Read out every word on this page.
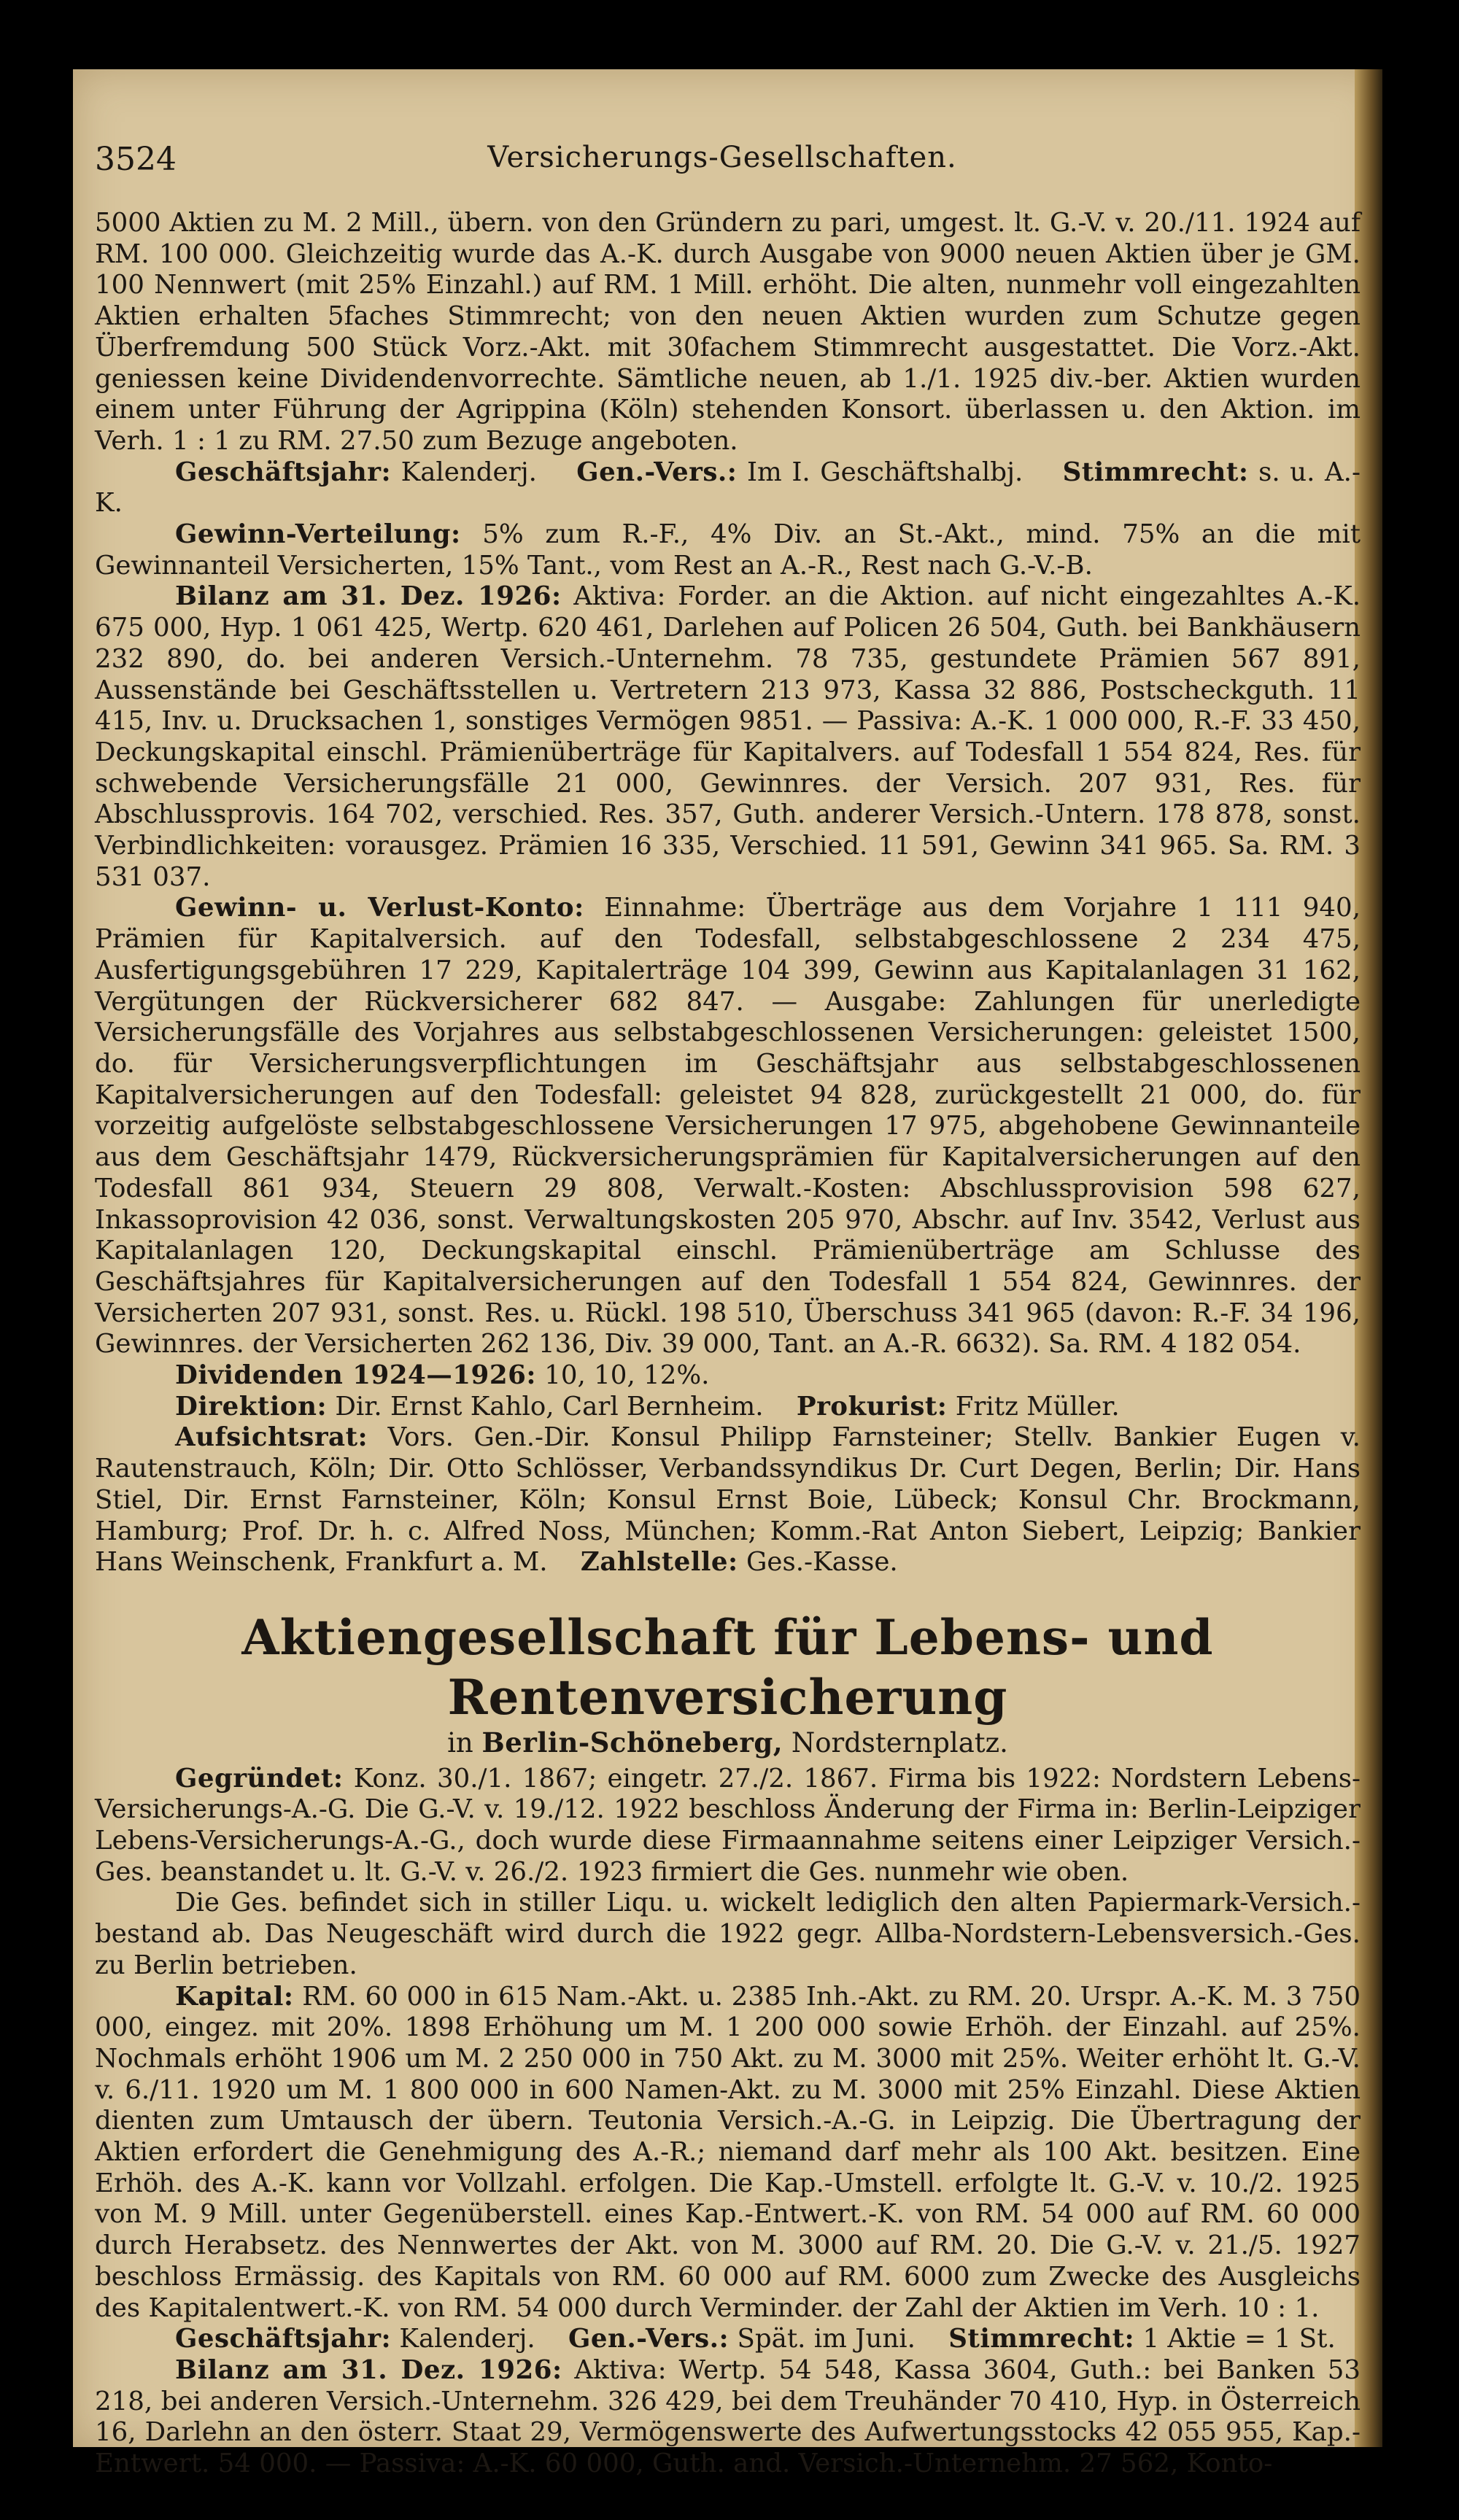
3524	Versicherungs-Gesellschaften.

5000 Aktien zu M. 2 Mill., übern. von den Gründern zu pari, umgest. lt. G.-V. v. 20./11. 1924 auf RM. 100 000. Gleichzeitig wurde das A.-K. durch Ausgabe von 9000 neuen Aktien über je GM. 100 Nennwert (mit 25% Einzahl.) auf RM. 1 Mill. erhöht. Die alten, nunmehr voll eingezahlten Aktien erhalten 5faches Stimmrecht; von den neuen Aktien wurden zum Schutze gegen Überfremdung 500 Stück Vorz.-Akt. mit 30fachem Stimmrecht ausgestattet. Die Vorz.-Akt. geniessen keine Dividendenvorrechte. Sämtliche neuen, ab 1./1. 1925 div.-ber. Aktien wurden einem unter Führung der Agrippina (Köln) stehenden Konsort. überlassen u. den Aktion. im Verh. 1 : 1 zu RM. 27.50 zum Bezuge angeboten.

Geschäftsjahr: Kalenderj. Gen.-Vers.: Im I. Geschäftshalbj. Stimmrecht: s. u. A.-K.

Gewinn-Verteilung: 5% zum R.-F., 4% Div. an St.-Akt., mind. 75% an die mit Gewinnanteil Versicherten, 15% Tant., vom Rest an A.-R., Rest nach G.-V.-B.

Bilanz am 31. Dez. 1926: Aktiva: Forder. an die Aktion. auf nicht eingezahltes A.-K. 675 000, Hyp. 1 061 425, Wertp. 620 461, Darlehen auf Policen 26 504, Guth. bei Bankhäusern 232 890, do. bei anderen Versich.-Unternehm. 78 735, gestundete Prämien 567 891, Aussenstände bei Geschäftsstellen u. Vertretern 213 973, Kassa 32 886, Postscheckguth. 11 415, Inv. u. Drucksachen 1, sonstiges Vermögen 9851. — Passiva: A.-K. 1 000 000, R.-F. 33 450, Deckungskapital einschl. Prämienüberträge für Kapitalvers. auf Todesfall 1 554 824, Res. für schwebende Versicherungsfälle 21 000, Gewinnres. der Versich. 207 931, Res. für Abschlussprovis. 164 702, verschied. Res. 357, Guth. anderer Versich.-Untern. 178 878, sonst. Verbindlichkeiten: vorausgez. Prämien 16 335, Verschied. 11 591, Gewinn 341 965. Sa. RM. 3 531 037.

Gewinn- u. Verlust-Konto: Einnahme: Überträge aus dem Vorjahre 1 111 940, Prämien für Kapitalversich. auf den Todesfall, selbstabgeschlossene 2 234 475, Ausfertigungsgebühren 17 229, Kapitalerträge 104 399, Gewinn aus Kapitalanlagen 31 162, Vergütungen der Rückversicherer 682 847. — Ausgabe: Zahlungen für unerledigte Versicherungsfälle des Vorjahres aus selbstabgeschlossenen Versicherungen: geleistet 1500, do. für Versicherungsverpflichtungen im Geschäftsjahr aus selbstabgeschlossenen Kapitalversicherungen auf den Todesfall: geleistet 94 828, zurückgestellt 21 000, do. für vorzeitig aufgelöste selbstabgeschlossene Versicherungen 17 975, abgehobene Gewinnanteile aus dem Geschäftsjahr 1479, Rückversicherungsprämien für Kapitalversicherungen auf den Todesfall 861 934, Steuern 29 808, Verwalt.-Kosten: Abschlussprovision 598 627, Inkassoprovision 42 036, sonst. Verwaltungskosten 205 970, Abschr. auf Inv. 3542, Verlust aus Kapitalanlagen 120, Deckungskapital einschl. Prämienüberträge am Schlusse des Geschäftsjahres für Kapitalversicherungen auf den Todesfall 1 554 824, Gewinnres. der Versicherten 207 931, sonst. Res. u. Rückl. 198 510, Überschuss 341 965 (davon: R.-F. 34 196, Gewinnres. der Versicherten 262 136, Div. 39 000, Tant. an A.-R. 6632). Sa. RM. 4 182 054.

Dividenden 1924—1926: 10, 10, 12%.

Direktion: Dir. Ernst Kahlo, Carl Bernheim. Prokurist: Fritz Müller.

Aufsichtsrat: Vors. Gen.-Dir. Konsul Philipp Farnsteiner; Stellv. Bankier Eugen v. Rautenstrauch, Köln; Dir. Otto Schlösser, Verbandssyndikus Dr. Curt Degen, Berlin; Dir. Hans Stiel, Dir. Ernst Farnsteiner, Köln; Konsul Ernst Boie, Lübeck; Konsul Chr. Brockmann, Hamburg; Prof. Dr. h. c. Alfred Noss, München; Komm.-Rat Anton Siebert, Leipzig; Bankier Hans Weinschenk, Frankfurt a. M. Zahlstelle: Ges.-Kasse.

Aktiengesellschaft für Lebens- und Rentenversicherung
in Berlin-Schöneberg, Nordsternplatz.

Gegründet: Konz. 30./1. 1867; eingetr. 27./2. 1867. Firma bis 1922: Nordstern Lebens-Versicherungs-A.-G. Die G.-V. v. 19./12. 1922 beschloss Änderung der Firma in: Berlin-Leipziger Lebens-Versicherungs-A.-G., doch wurde diese Firmaannahme seitens einer Leipziger Versich.-Ges. beanstandet u. lt. G.-V. v. 26./2. 1923 firmiert die Ges. nunmehr wie oben.

Die Ges. befindet sich in stiller Liqu. u. wickelt lediglich den alten Papiermark-Versich.-bestand ab. Das Neugeschäft wird durch die 1922 gegr. Allba-Nordstern-Lebensversich.-Ges. zu Berlin betrieben.

Kapital: RM. 60 000 in 615 Nam.-Akt. u. 2385 Inh.-Akt. zu RM. 20. Urspr. A.-K. M. 3 750 000, eingez. mit 20%. 1898 Erhöhung um M. 1 200 000 sowie Erhöh. der Einzahl. auf 25%. Nochmals erhöht 1906 um M. 2 250 000 in 750 Akt. zu M. 3000 mit 25%. Weiter erhöht lt. G.-V. v. 6./11. 1920 um M. 1 800 000 in 600 Namen-Akt. zu M. 3000 mit 25% Einzahl. Diese Aktien dienten zum Umtausch der übern. Teutonia Versich.-A.-G. in Leipzig. Die Übertragung der Aktien erfordert die Genehmigung des A.-R.; niemand darf mehr als 100 Akt. besitzen. Eine Erhöh. des A.-K. kann vor Vollzahl. erfolgen. Die Kap.-Umstell. erfolgte lt. G.-V. v. 10./2. 1925 von M. 9 Mill. unter Gegenüberstell. eines Kap.-Entwert.-K. von RM. 54 000 auf RM. 60 000 durch Herabsetz. des Nennwertes der Akt. von M. 3000 auf RM. 20. Die G.-V. v. 21./5. 1927 beschloss Ermässig. des Kapitals von RM. 60 000 auf RM. 6000 zum Zwecke des Ausgleichs des Kapitalentwert.-K. von RM. 54 000 durch Verminder. der Zahl der Aktien im Verh. 10 : 1.

Geschäftsjahr: Kalenderj. Gen.-Vers.: Spät. im Juni. Stimmrecht: 1 Aktie = 1 St.

Bilanz am 31. Dez. 1926: Aktiva: Wertp. 54 548, Kassa 3604, Guth.: bei Banken 53 218, bei anderen Versich.-Unternehm. 326 429, bei dem Treuhänder 70 410, Hyp. in Österreich 16, Darlehn an den österr. Staat 29, Vermögenswerte des Aufwertungsstocks 42 055 955, Kap.-Entwert. 54 000. — Passiva: A.-K. 60 000, Guth. and. Versich.-Unternehm. 27 562, Konto-
